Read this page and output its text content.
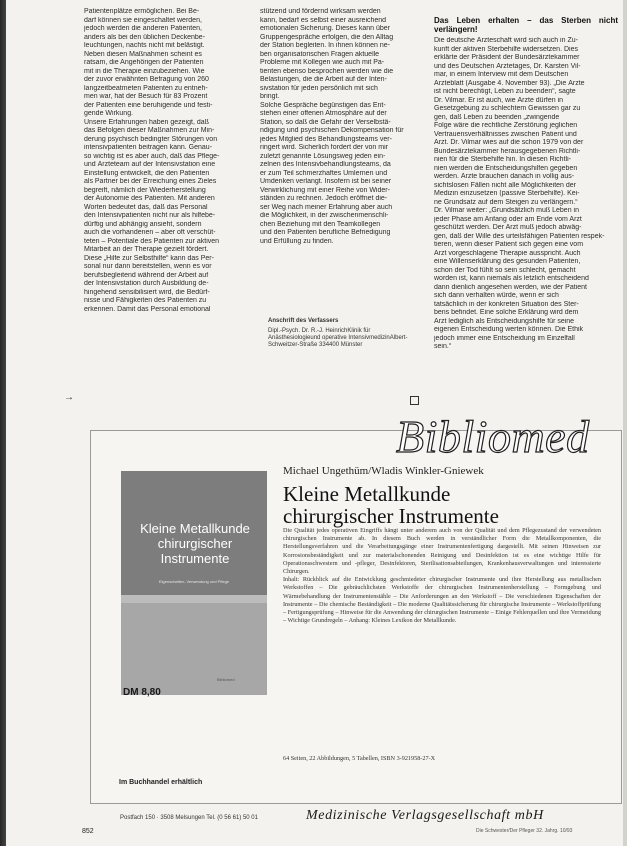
Patientenplätze ermöglichen. Bei Be-
darf können sie eingeschaltet werden,
jedoch werden die anderen Patienten,
anders als bei den üblichen Deckenbe-
leuchtungen, nachts nicht mit belästigt.
Neben diesen Maßnahmen scheint es
ratsam, die Angehörigen der Patienten
mit in die Therapie einzubeziehen. Wie
der zuvor erwähnten Befragung von 260
langzeitbeatmeten Patienten zu entneh-
men war, hat der Besuch für 83 Prozent
der Patienten eine beruhigende und festi-
gende Wirkung.
Unsere Erfahrungen haben gezeigt, daß
das Befolgen dieser Maßnahmen zur Min-
derung psychisch bedingter Störungen von
intensivpatienten beitragen kann. Genau-
so wichtig ist es aber auch, daß das Pflege-
und Ärzteteam auf der Intensivstation eine
Einstellung entwickelt, die den Patienten
als Partner bei der Erreichung eines Zieles
begreift, nämlich der Wiederherstellung
der Autonomie des Patienten. Mit anderen
Worten bedeutet das, daß das Personal
den Intensivpatienten nicht nur als hilfebe-
dürftig und abhängig ansieht, sondern
auch die vorhandenen – aber oft verschüt-
teten – Potentiale des Patienten zur aktiven
Mitarbeit an der Therapie gezielt fördert.
Diese „Hilfe zur Selbsthilfe“ kann das Per-
sonal nur dann bereitstellen, wenn es vor
berufsbegleitend während der Arbeit auf
der Intensivstation durch Ausbildung de-
hingehend sensibilisiert wird, die Bedürf-
nisse und Fähigkeiten des Patienten zu
erkennen. Damit das Personal emotional
stützend und fördernd wirksam werden
kann, bedarf es selbst einer ausreichend
emotionalen Sicherung. Dieses kann über
Gruppengespräche erfolgen, die den Alltag
der Station begleiten. In ihnen können ne-
ben organisatorischen Fragen aktuelle
Probleme mit Kollegen wie auch mit Pa-
tienten ebenso besprochen werden wie die
Belastungen, die die Arbeit auf der Inten-
sivstation für jeden persönlich mit sich
bringt.
Solche Gespräche begünstigen das Ent-
stehen einer offenen Atmosphäre auf der
Station, so daß die Gefahr der Verselbstä-
ndigung und psychischen Dekompensation für
jedes Mitglied des Behandlungsteams ver-
ringert wird. Sicherlich fordert der von mir
zuletzt genannte Lösungsweg jeden ein-
zelnen des Intensivbehandlungsteams, da
er zum Teil schmerzhaftes Umlernen und
Umdenken verlangt. Insofern ist bei seiner
Verwirklichung mit einer Reihe von Wider-
ständen zu rechnen. Jedoch eröffnet die-
ser Weg nach meiner Erfahrung aber auch
die Möglichkeit, in der zwischenmenschli-
chen Beziehung mit den Teamkollegen
und den Patienten berufliche Befriedigung
und Erfüllung zu finden.
Das Leben erhalten – das Sterben nicht verlängern!
Die deutsche Ärzteschaft wird sich auch in Zu-
kunft der aktiven Sterbehilfe widersetzen. Dies
erklärte der Präsident der Bundesärztekammer
und des Deutschen Ärztetages, Dr. Karsten Vil-
mar, in einem Interview mit dem Deutschen
Ärzteblatt (Ausgabe 4. November 93). „Die Ärzte
ist nicht berechtigt, Leben zu beenden“, sagte
Dr. Vilmar. Er ist auch, wie Ärzte dürfen in
Gesetzgebung zu schlechtem Gewissen gar zu
gen, daß Leben zu beenden „zwingende
Folge wäre die rechtliche Zerstörung jeglichen
Vertrauensverhältnisses zwischen Patient und
Arzt. Dr. Vilmar wies auf die schon 1979 von der
Bundesärztekammer herausgegebenen Richtli-
nien für die Sterbehilfe hin. In diesen Richtli-
nien werden die Entscheidungshilfen gegeben
werden. Ärzte brauchen danach in vollig aus-
sichtslosen Fällen nicht alle Möglichkeiten der
Medizin einzusetzen (passive Sterbehilfe). Kei-
ne Grundsatz auf dem Steigen zu verlängern.“
Dr. Vilmar weiter: „Grundsätzlich muß Leben in
jeder Phase am Anfang oder am Ende vom Arzt
geschützt werden. Der Arzt muß jedoch abwäg-
gen, daß der Wille des urteilsfähigen Patienten respek-
tieren, wenn dieser Patient sich gegen eine vom
Arzt vorgeschlagene Therapie ausspricht. Auch
eine Willenserklärung des gesunden Patienten,
schon der Tod fühlt so sein schlecht, gemacht
worden ist, kann niemals als letzlich entscheidend
dann dienlich angesehen werden, wie der Patient
sich dann verhalten würde, wenn er sich
tatsächlich in der konkreten Situation des Ster-
bens befindet. Eine solche Erklärung wird dem
Arzt lediglich als Entscheidungshilfe für seine
eigenen Entscheidung werten können. Die Ethik
jedoch immer eine Entscheidung im Einzelfall
sein.“
Anschrift des Verfassers
Dipl.-Psych. Dr. R.-J. HeinrichKlinik für Anästhesiologieund operative IntensivmedizinAlbert-Schweitzer-Straße 334400 Münster
→
Kleine Metallkunde chirurgischer Instrumente
Eigenschaften, Verwendung und Pflege
Bibliomed
DM 8,80
Im Buchhandel erhältlich
Michael Ungethüm/Wladis Winkler-Gniewek
Kleine Metallkunde
chirurgischer Instrumente

Die Qualität jedes operativen Eingriffs hängt unter anderem auch von der Qualität und dem Pflegezustand der verwendeten chirurgischen Instrumente ab. In diesem Buch werden in verständlicher Form die Metallkomponenten, die Herstellungsverfahren und die Verarbeitungsgänge einer Instrumentenfertigung dargestellt. Mit seinen Hinweisen zur Korrosionsbeständigkeit und zur materialschonenden Reinigung und Desinfektion ist es eine wichtige Hilfe für Operationsschwestern und -pfleger, Desinfektoren, Sterilisationsabteilungen, Krankenhausverwaltungen und interessierte Chirurgen.

Inhalt: Rückblick auf die Entwicklung geschmiedeter chirurgischer Instrumente und ihre Herstellung aus metallischen Werkstoffen – Die gebräuchlichsten Werkstoffe der chirurgischen Instrumentenherstellung – Formgebung und Wärmebehandlung der Instrumentenstähle – Die Anforderungen an den Werkstoff – Die verschiedenen Eigenschaften der Instrumente – Die chemische Beständigkeit – Die moderne Qualitätssicherung für chirurgische Instrumente – Werkstoffprüfung – Fertigungsprüfung – Hinweise für die Anwendung der chirurgischen Instrumente – Einige Fehlerquellen und ihre Vermeidung – Wichtige Grundregeln – Anhang: Kleines Lexikon der Metallkunde.

64 Seiten, 22 Abbildungen, 5 Tabellen, ISBN 3-921958-27-X
Bibliomed
Postfach 150 · 3508 Melsungen Tel. (0 56 61) 50 01	Medizinische Verlagsgesellschaft mbH
852	Die Schwester/Der Pfleger 32. Jahrg. 10/93
